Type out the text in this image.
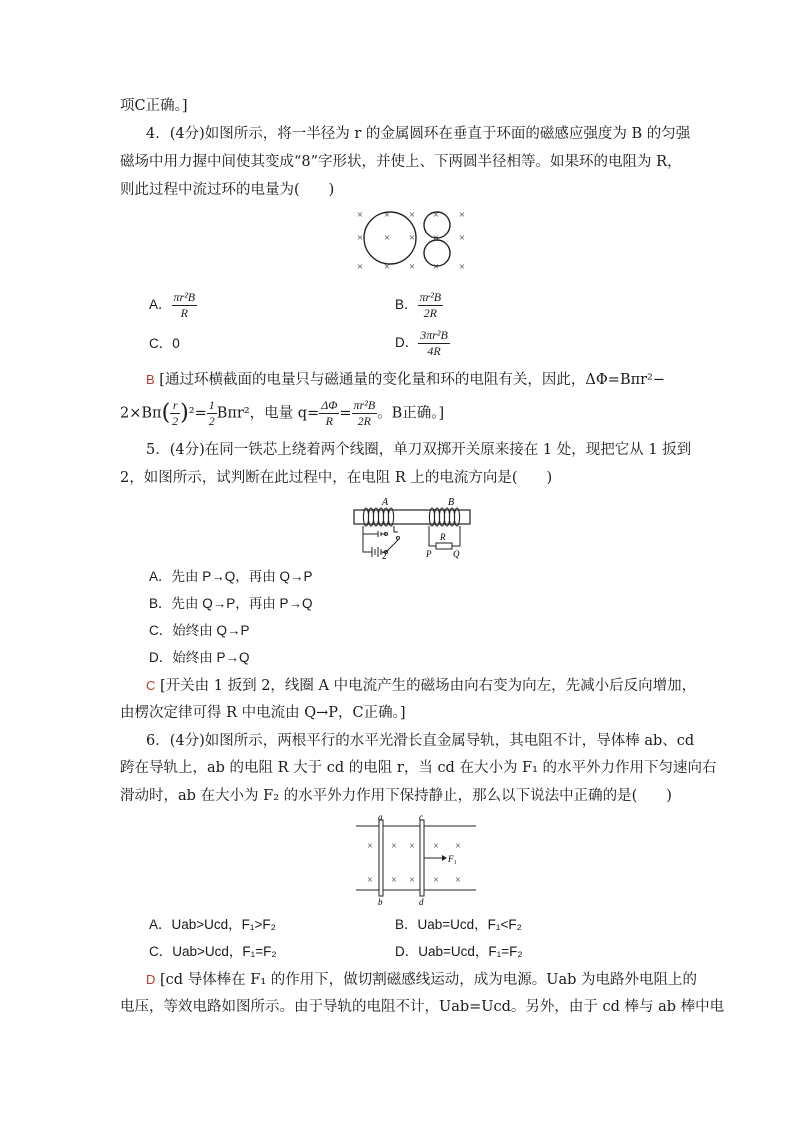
项C正确。]
4．(4分)如图所示，将一半径为 r 的金属圆环在垂直于环面的磁感应强度为 B 的匀强
磁场中用力握中间使其变成“8”字形状，并使上、下两圆半径相等。如果环的电阻为 R，
则此过程中流过环的电量为(　　)
× × × × ×
× × × × ×
× × × × ×
A． $\frac{\text{πr²B}}{R}$	B． $\frac{\text{πr²B}}{2R}$
C．0	D． $\frac{\text{3πr²B}}{4R}$
B [通过环横截面的电量只与磁通量的变化量和环的电阻有关，因此，ΔΦ=Bπr²−
$2\times B\pi( \frac{r}{2} )^2= \frac{1}{2} B\pi r^2$，电量 $q= \frac{\Delta\Phi}{R} = \frac{\text{πr²B}}{2R}$ 。B正确。]
5．(4分)在同一铁芯上绕着两个线圈，单刀双掷开关原来接在 1 处，现把它从 1 扳到
2，如图所示，试判断在此过程中，在电阻 R 上的电流方向是(　　)
A	B
2
R
P Q
A．先由 P→Q，再由 Q→P
B．先由 Q→P，再由 P→Q
C．始终由 Q→P
D．始终由 P→Q
C [开关由 1 扳到 2，线圈 A 中电流产生的磁场由向右变为向左，先减小后反向增加，
由楞次定律可得 R 中电流由 Q→P，C正确。]
6．(4分)如图所示，两根平行的水平光滑长直金属导轨，其电阻不计，导体棒 ab、cd
跨在导轨上，ab 的电阻 R 大于 cd 的电阻 r，当 cd 在大小为 F₁ 的水平外力作用下匀速向右
滑动时，ab 在大小为 F₂ 的水平外力作用下保持静止，那么以下说法中正确的是(　　)
a
b
c
d
× × × × ×
× × × × ×
F₁
A．Uab>Ucd，F₁>F₂	B．Uab=Ucd，F₁<F₂
C．Uab>Ucd，F₁=F₂	D．Uab=Ucd，F₁=F₂
D [cd 导体棒在 F₁ 的作用下，做切割磁感线运动，成为电源。Uab 为电路外电阻上的
电压，等效电路如图所示。由于导轨的电阻不计，Uab=Ucd。另外，由于 cd 棒与 ab 棒中电
